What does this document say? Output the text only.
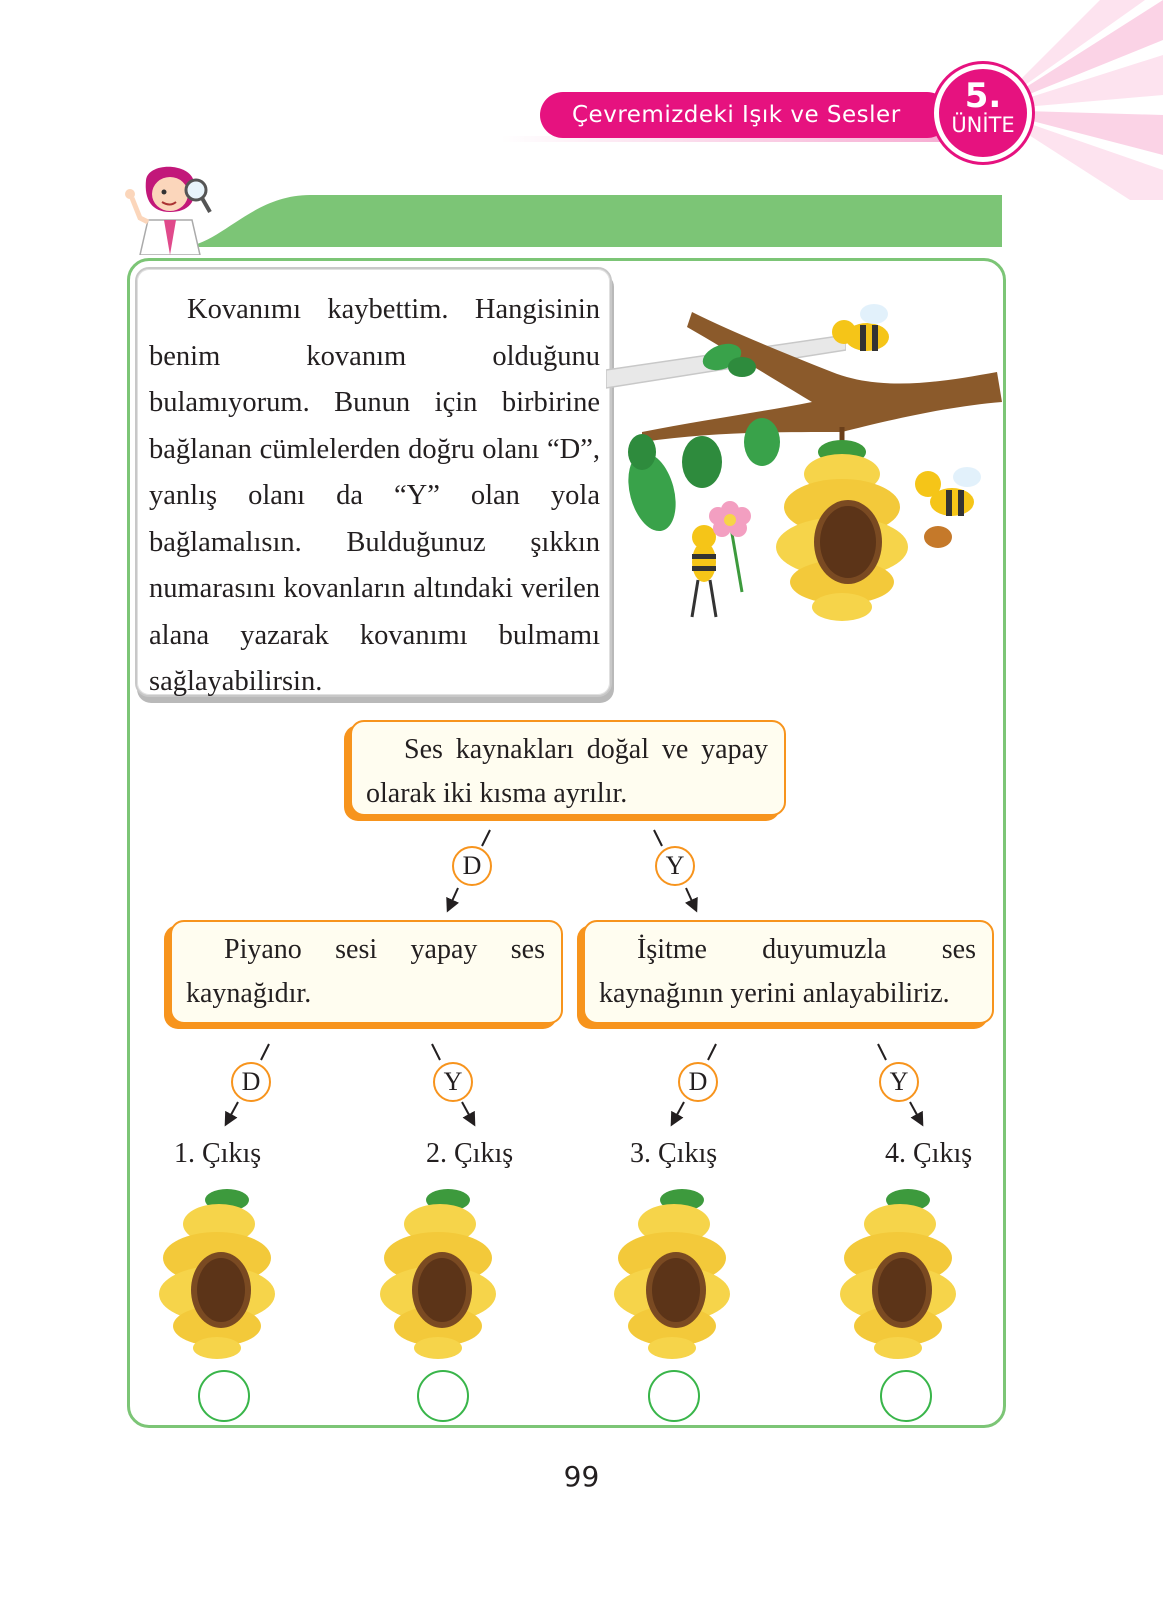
Çevremizdeki Işık ve Sesler	5.
ÜNİTE
Kovanımı kaybettim. Hangisinin benim kovanım olduğunu bulamıyorum. Bunun için birbirine bağlanan cümlelerden doğru olanı “D”, yanlış olanı da “Y” olan yola bağlamalısın. Bulduğunuz şıkkın numarasını kovanların altındaki verilen alana yazarak kovanımı bulmamı sağlayabilirsin.
Ses kaynakları doğal ve yapay olarak iki kısma ayrılır.
Piyano sesi yapay ses kaynağıdır.
İşitme duyumuzla ses kaynağının yerini anlayabiliriz.
D	Y
D	Y	D	Y
1. Çıkış	2. Çıkış	3. Çıkış	4. Çıkış
99
